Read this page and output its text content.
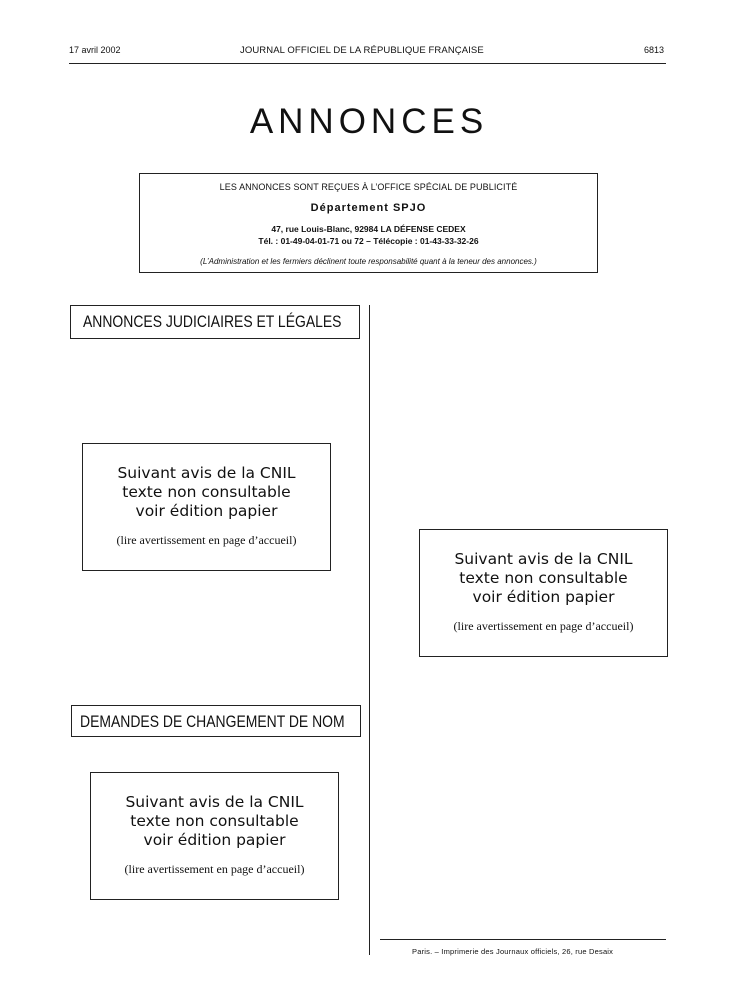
17 avril 2002	JOURNAL OFFICIEL DE LA RÉPUBLIQUE FRANÇAISE	6813
ANNONCES
LES ANNONCES SONT REÇUES À L’OFFICE SPÉCIAL DE PUBLICITÉ
Département SPJO
47, rue Louis-Blanc, 92984 LA DÉFENSE CEDEX
Tél. : 01-49-04-01-71 ou 72 – Télécopie : 01-43-33-32-26
(L’Administration et les fermiers déclinent toute responsabilité quant à la teneur des annonces.)
ANNONCES JUDICIAIRES ET LÉGALES
Suivant avis de la CNIL
texte non consultable
voir édition papier
(lire avertissement en page d’accueil)
Suivant avis de la CNIL
texte non consultable
voir édition papier
(lire avertissement en page d’accueil)
DEMANDES DE CHANGEMENT DE NOM
Suivant avis de la CNIL
texte non consultable
voir édition papier
(lire avertissement en page d’accueil)
Paris. – Imprimerie des Journaux officiels, 26, rue Desaix
